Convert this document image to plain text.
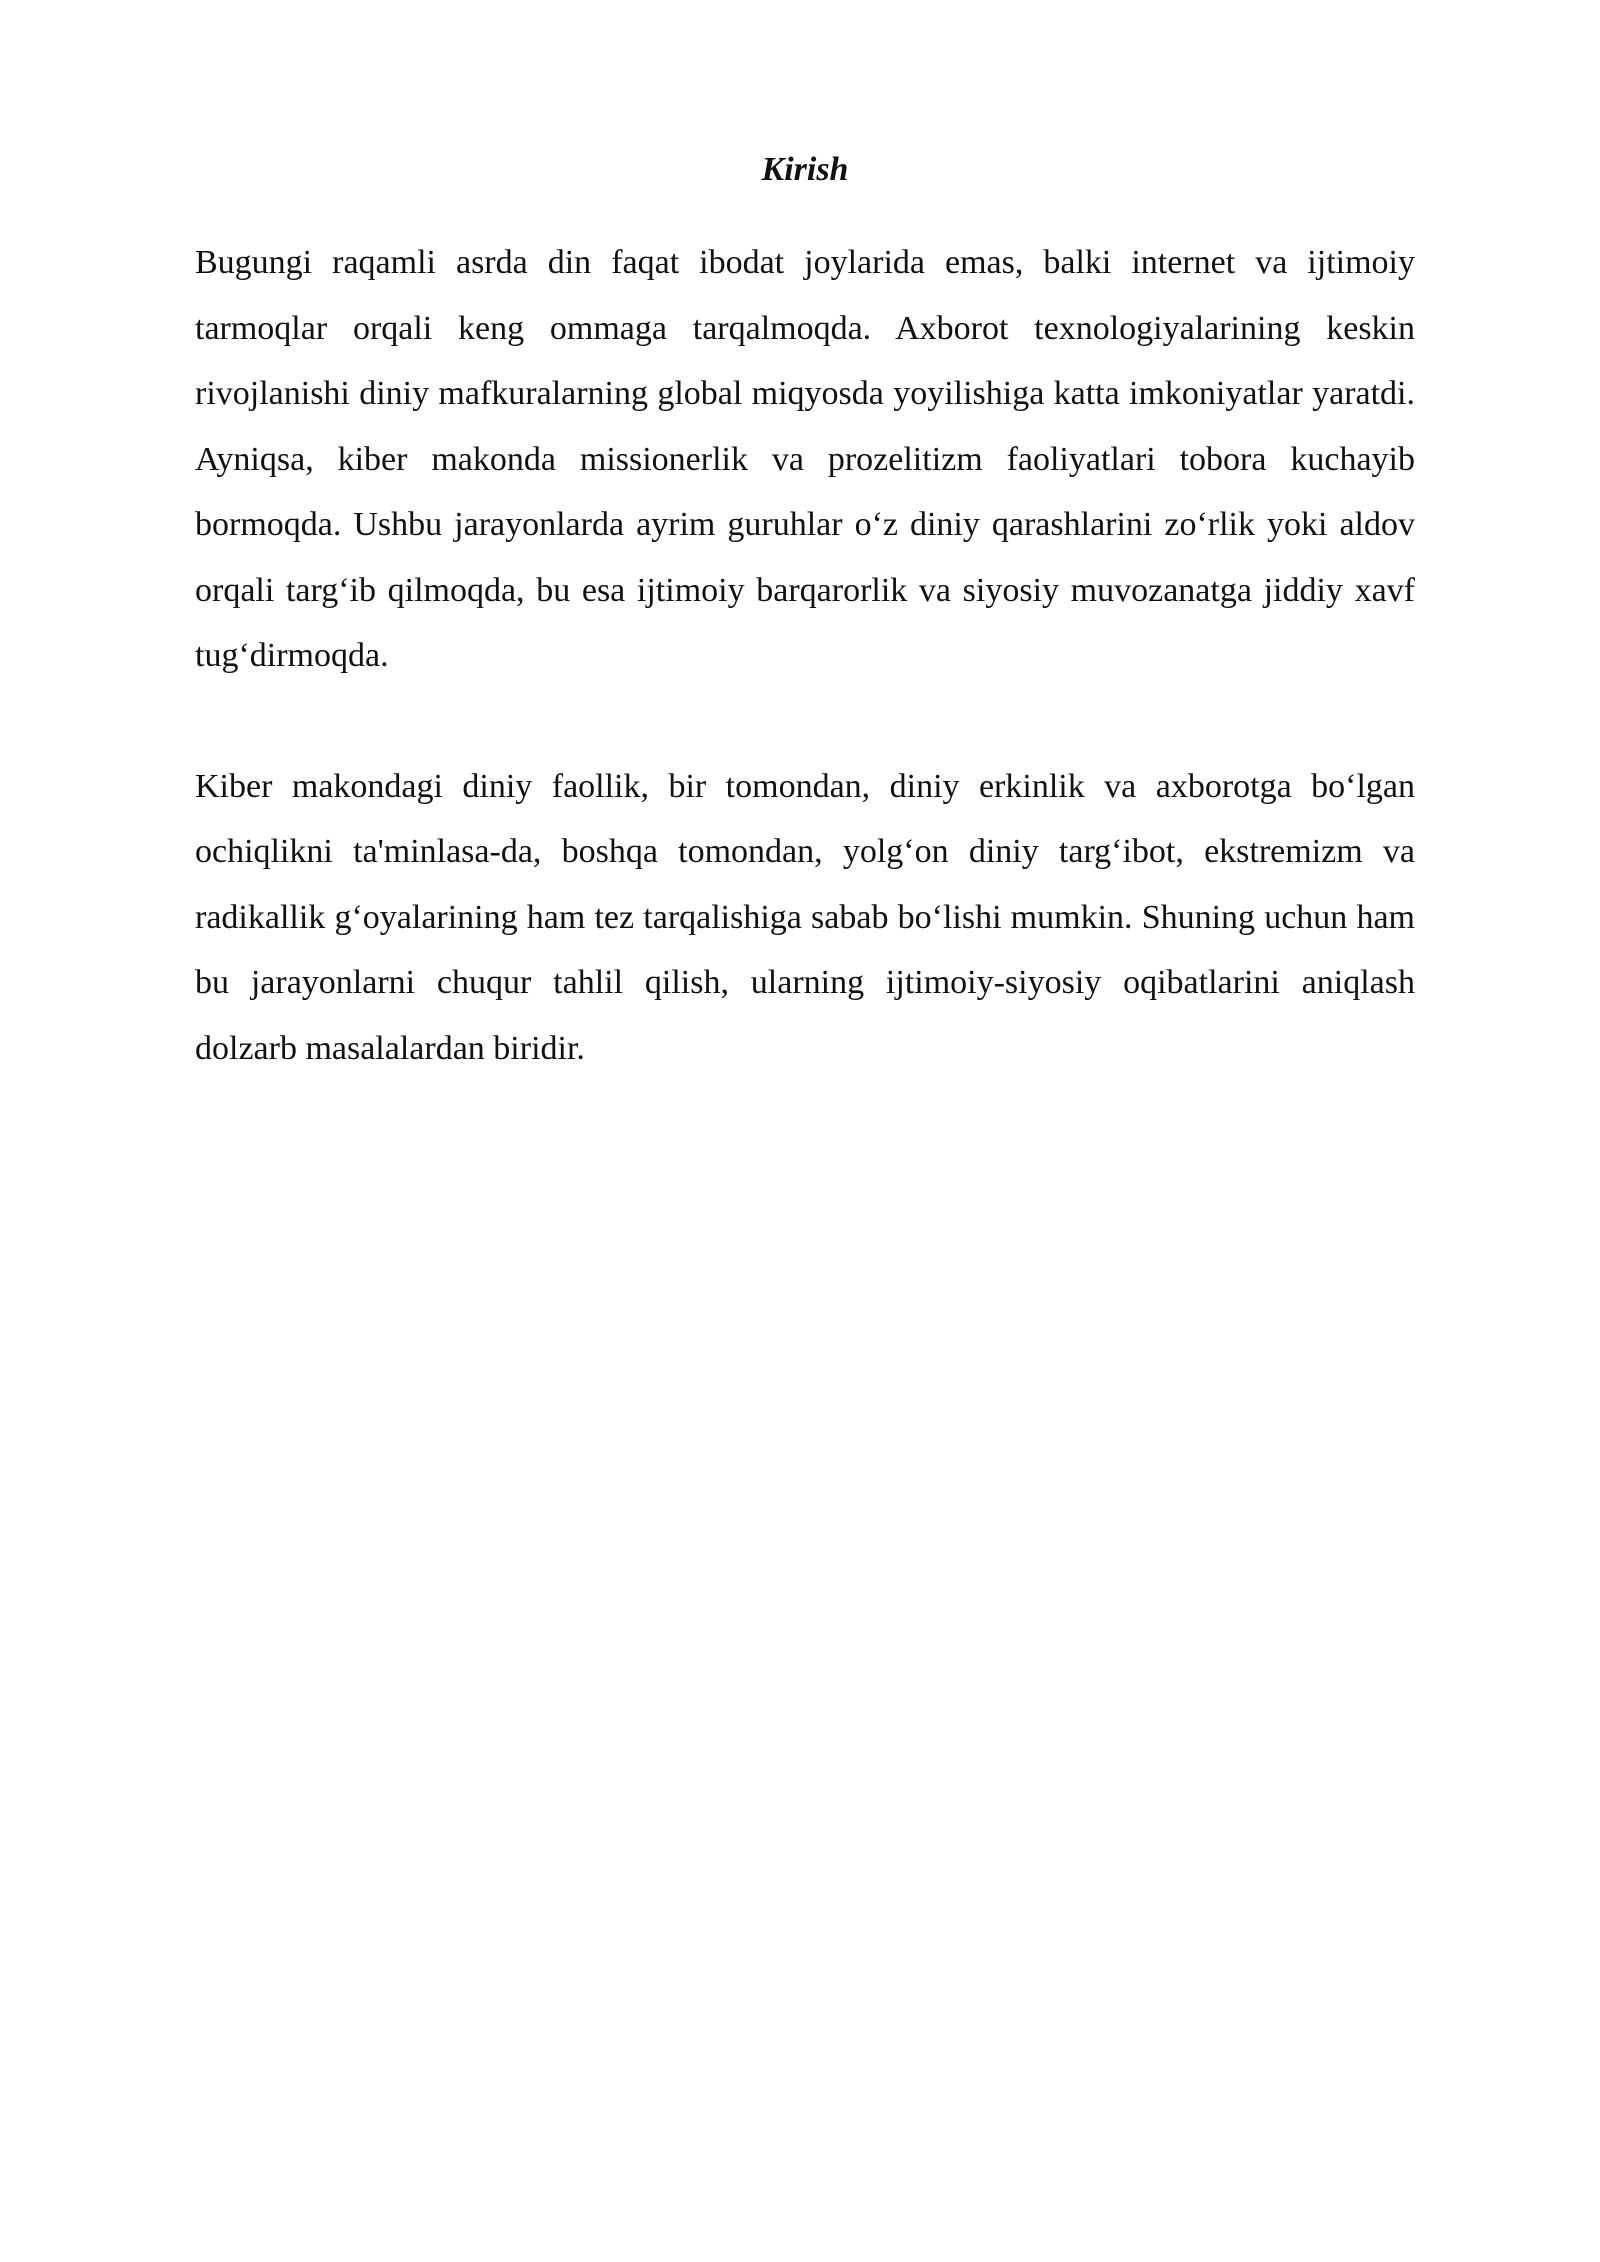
Kirish

Bugungi raqamli asrda din faqat ibodat joylarida emas, balki internet va ijtimoiy tarmoqlar orqali keng ommaga tarqalmoqda. Axborot texnologiyalarining keskin rivojlanishi diniy mafkuralarning global miqyosda yoyilishiga katta imkoniyatlar yaratdi. Ayniqsa, kiber makonda missionerlik va prozelitizm faoliyatlari tobora kuchayib bormoqda. Ushbu jarayonlarda ayrim guruhlar o‘z diniy qarashlarini zo‘rlik yoki aldov orqali targ‘ib qilmoqda, bu esa ijtimoiy barqarorlik va siyosiy muvozanatga jiddiy xavf tug‘dirmoqda.

Kiber makondagi diniy faollik, bir tomondan, diniy erkinlik va axborotga bo‘lgan ochiqlikni ta'minlasa-da, boshqa tomondan, yolg‘on diniy targ‘ibot, ekstremizm va radikallik g‘oyalarining ham tez tarqalishiga sabab bo‘lishi mumkin. Shuning uchun ham bu jarayonlarni chuqur tahlil qilish, ularning ijtimoiy-siyosiy oqibatlarini aniqlash dolzarb masalalardan biridir.
